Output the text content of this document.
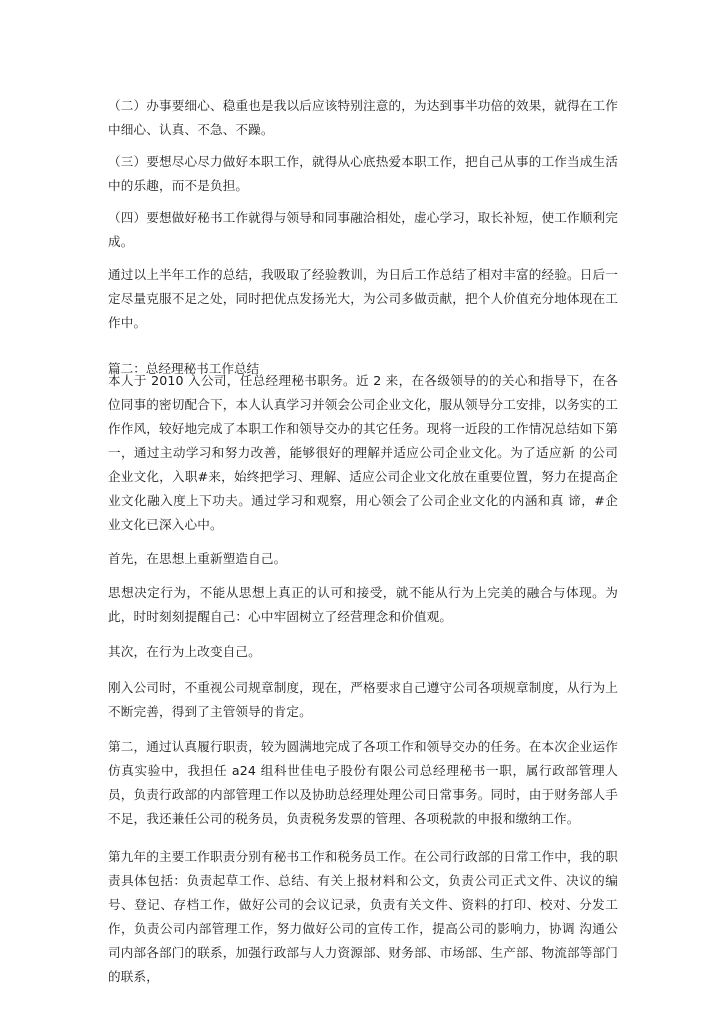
（二）办事要细心、稳重也是我以后应该特别注意的，为达到事半功倍的效果，就得在工作中细心、认真、不急、不躁。

（三）要想尽心尽力做好本职工作，就得从心底热爱本职工作，把自己从事的工作当成生活中的乐趣，而不是负担。

（四）要想做好秘书工作就得与领导和同事融洽相处，虚心学习，取长补短，使工作顺利完成。

通过以上半年工作的总结，我吸取了经验教训，为日后工作总结了相对丰富的经验。日后一定尽量克服不足之处，同时把优点发扬光大，为公司多做贡献，把个人价值充分地体现在工作中。

篇二：总经理秘书工作总结

本人于 2010 入公司，任总经理秘书职务。近 2 来，在各级领导的的关心和指导下，在各位同事的密切配合下，本人认真学习并领会公司企业文化，服从领导分工安排，以务实的工作作风，较好地完成了本职工作和领导交办的其它任务。现将一近段的工作情况总结如下第一，通过主动学习和努力改善，能够很好的理解并适应公司企业文化。为了适应新 的公司企业文化，入职#来，始终把学习、理解、适应公司企业文化放在重要位置，努力在提高企业文化融入度上下功夫。通过学习和观察，用心领会了公司企业文化的内涵和真 谛，#企业文化已深入心中。

首先，在思想上重新塑造自己。

思想决定行为，不能从思想上真正的认可和接受，就不能从行为上完美的融合与体现。为此，时时刻刻提醒自己：心中牢固树立了经营理念和价值观。

其次，在行为上改变自己。

刚入公司时，不重视公司规章制度，现在，严格要求自己遵守公司各项规章制度，从行为上不断完善，得到了主管领导的肯定。

第二，通过认真履行职责，较为圆满地完成了各项工作和领导交办的任务。在本次企业运作仿真实验中，我担任 a24 组科世佳电子股份有限公司总经理秘书一职，属行政部管理人员，负责行政部的内部管理工作以及协助总经理处理公司日常事务。同时，由于财务部人手不足，我还兼任公司的税务员，负责税务发票的管理、各项税款的申报和缴纳工作。

第九年的主要工作职责分别有秘书工作和税务员工作。在公司行政部的日常工作中，我的职责具体包括：负责起草工作、总结、有关上报材料和公文，负责公司正式文件、决议的编号、登记、存档工作，做好公司的会议记录，负责有关文件、资料的打印、校对、分发工作，负责公司内部管理工作，努力做好公司的宣传工作，提高公司的影响力，协调 沟通公司内部各部门的联系，加强行政部与人力资源部、财务部、市场部、生产部、物流部等部门的联系，
